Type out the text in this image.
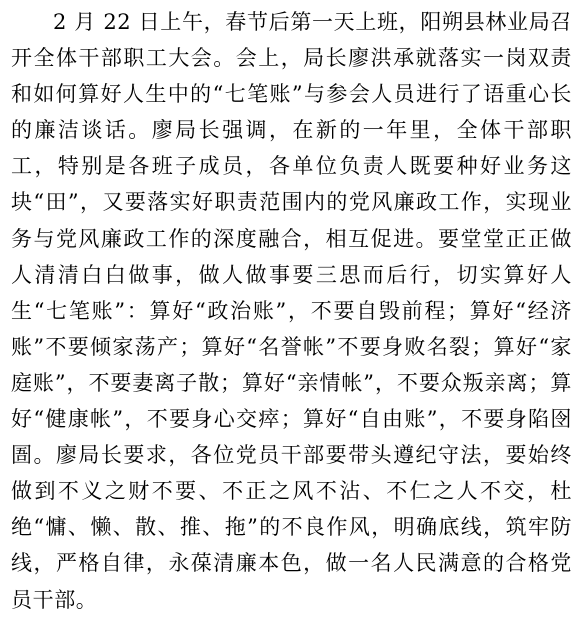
2 月 22 日上午，春节后第一天上班，阳朔县林业局召开全体干部职工大会。会上，局长廖洪承就落实一岗双责和如何算好人生中的“七笔账”与参会人员进行了语重心长的廉洁谈话。廖局长强调，在新的一年里，全体干部职工，特别是各班子成员，各单位负责人既要种好业务这块“田”，又要落实好职责范围内的党风廉政工作，实现业务与党风廉政工作的深度融合，相互促进。要堂堂正正做人清清白白做事，做人做事要三思而后行，切实算好人生“七笔账”：算好“政治账”，不要自毁前程；算好“经济账”不要倾家荡产；算好“名誉帐”不要身败名裂；算好“家庭账”，不要妻离子散；算好“亲情帐”，不要众叛亲离；算好“健康帐”，不要身心交瘁；算好“自由账”，不要身陷囹圄。廖局长要求，各位党员干部要带头遵纪守法，要始终做到不义之财不要、不正之风不沾、不仁之人不交，杜绝“慵、懒、散、推、拖”的不良作风，明确底线，筑牢防线，严格自律，永葆清廉本色，做一名人民满意的合格党员干部。
